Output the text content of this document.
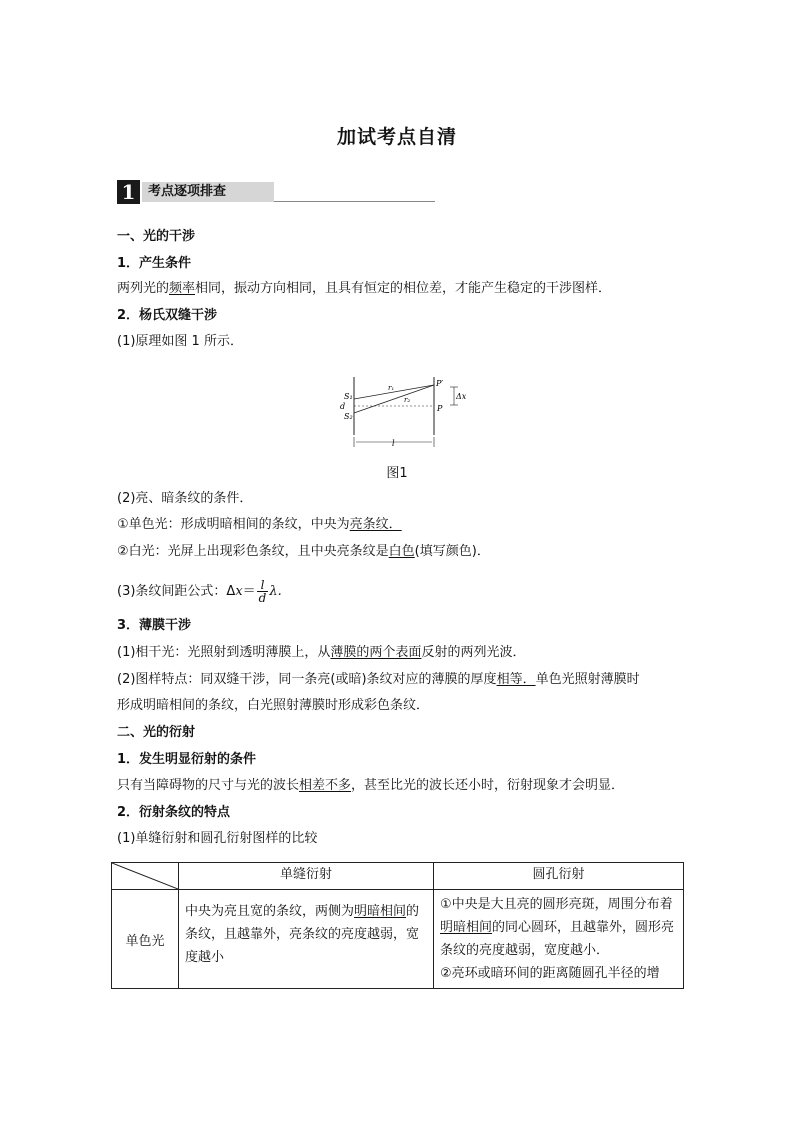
加试考点自清
1 考点逐项排查
一、光的干涉
1．产生条件
两列光的频率相同，振动方向相同，且具有恒定的相位差，才能产生稳定的干涉图样．
2．杨氏双缝干涉
(1)原理如图 1 所示．
S₁
S₂
d
r₁
r₂
P′
P
Δx
l
图1
(2)亮、暗条纹的条件．
①单色光：形成明暗相间的条纹，中央为亮条纹．
②白光：光屏上出现彩色条纹，且中央亮条纹是白色(填写颜色)．
(3)条纹间距公式：$\Delta x= \frac{l}{d} \lambda$.
3．薄膜干涉
(1)相干光：光照射到透明薄膜上，从薄膜的两个表面反射的两列光波．
(2)图样特点：同双缝干涉，同一条亮(或暗)条纹对应的薄膜的厚度相等．单色光照射薄膜时
形成明暗相间的条纹，白光照射薄膜时形成彩色条纹．
二、光的衍射
1．发生明显衍射的条件
只有当障碍物的尺寸与光的波长相差不多，甚至比光的波长还小时，衍射现象才会明显．
2．衍射条纹的特点
(1)单缝衍射和圆孔衍射图样的比较
	单缝衍射	圆孔衍射
单色光	中央为亮且宽的条纹，两侧为明暗相间的条纹，且越靠外，亮条纹的亮度越弱，宽度越小	①中央是大且亮的圆形亮斑，周围分布着明暗相间的同心圆环，且越靠外，圆形亮条纹的亮度越弱，宽度越小．
②亮环或暗环间的距离随圆孔半径的增
